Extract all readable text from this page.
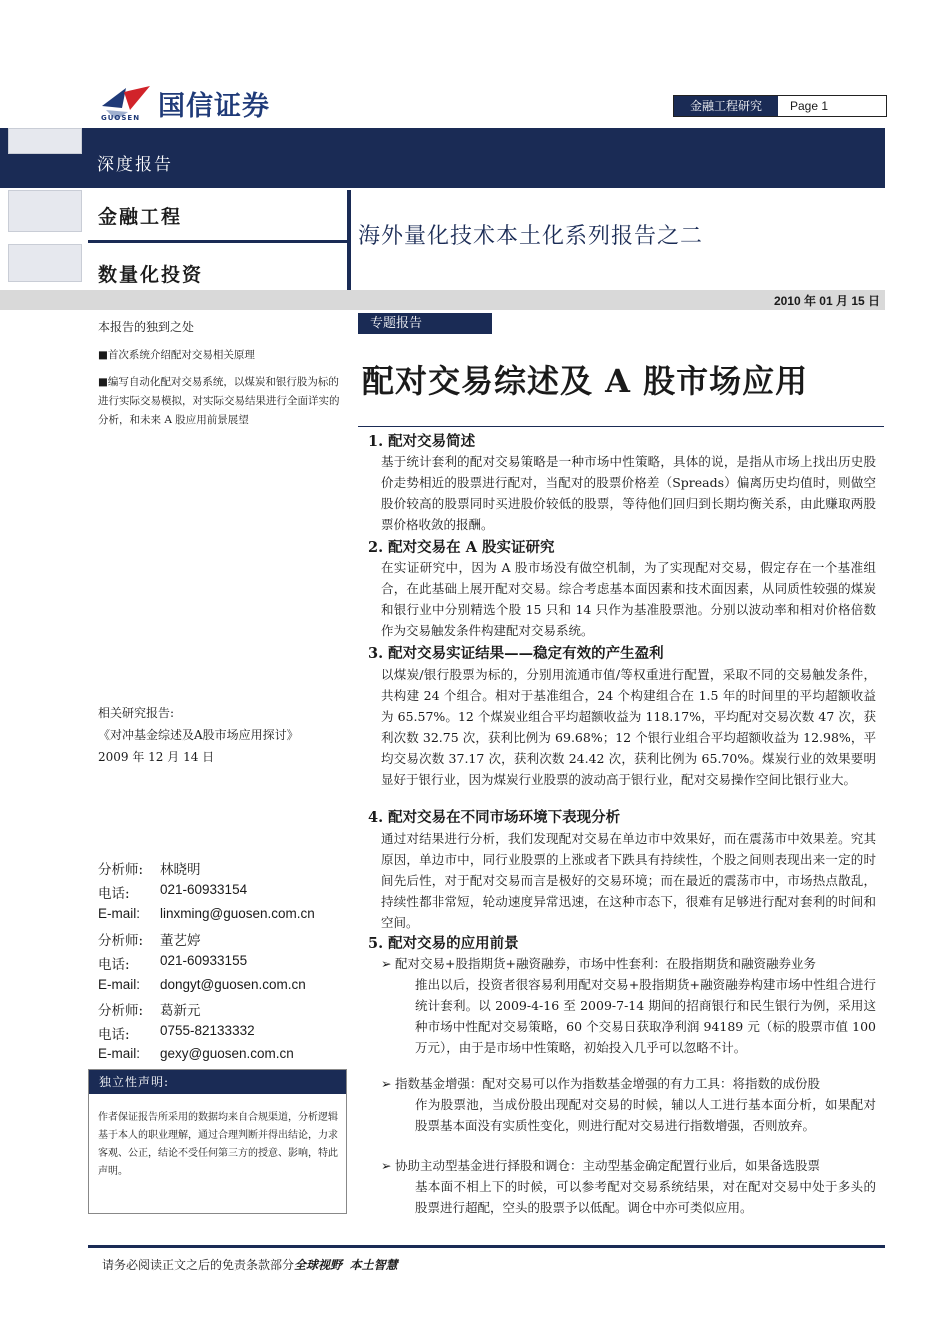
国信证券
GUOSEN
金融工程研究	Page 1
深度报告
金融工程
数量化投资
海外量化技术本土化系列报告之二
2010 年 01 月 15 日
本报告的独到之处
■首次系统介绍配对交易相关原理
■编写自动化配对交易系统，以煤炭和银行股为标的进行实际交易模拟，对实际交易结果进行全面详实的分析，和未来 A 股应用前景展望
相关研究报告:
《对冲基金综述及A股市场应用探讨》
2009 年 12 月 14 日
分析师: 林晓明
电话: 021-60933154
E-mail: linxming@guosen.com.cn
分析师: 董艺婷
电话: 021-60933155
E-mail: dongyt@guosen.com.cn
分析师: 葛新元
电话: 0755-82133332
E-mail: gexy@guosen.com.cn
独立性声明:
作者保证报告所采用的数据均来自合规渠道，分析逻辑基于本人的职业理解，通过合理判断并得出结论，力求客观、公正，结论不受任何第三方的授意、影响，特此声明。
专题报告
配对交易综述及 A 股市场应用
1. 配对交易简述
基于统计套利的配对交易策略是一种市场中性策略，具体的说，是指从市场上找出历史股价走势相近的股票进行配对，当配对的股票价格差（Spreads）偏离历史均值时，则做空股价较高的股票同时买进股价较低的股票，等待他们回归到长期均衡关系，由此赚取两股票价格收敛的报酬。
2. 配对交易在 A 股实证研究
在实证研究中，因为 A 股市场没有做空机制，为了实现配对交易，假定存在一个基准组合，在此基础上展开配对交易。综合考虑基本面因素和技术面因素，从同质性较强的煤炭和银行业中分别精选个股 15 只和 14 只作为基准股票池。分别以波动率和相对价格倍数作为交易触发条件构建配对交易系统。
3. 配对交易实证结果——稳定有效的产生盈利
以煤炭/银行股票为标的，分别用流通市值/等权重进行配置，采取不同的交易触发条件，共构建 24 个组合。相对于基准组合，24 个构建组合在 1.5 年的时间里的平均超额收益为 65.57%。12 个煤炭业组合平均超额收益为 118.17%，平均配对交易次数 47 次，获利次数 32.75 次，获利比例为 69.68%；12 个银行业组合平均超额收益为 12.98%，平均交易次数 37.17 次，获利次数 24.42 次，获利比例为 65.70%。煤炭行业的效果要明显好于银行业，因为煤炭行业股票的波动高于银行业，配对交易操作空间比银行业大。
4. 配对交易在不同市场环境下表现分析
通过对结果进行分析，我们发现配对交易在单边市中效果好，而在震荡市中效果差。究其原因，单边市中，同行业股票的上涨或者下跌具有持续性，个股之间则表现出来一定的时间先后性，对于配对交易而言是极好的交易环境；而在最近的震荡市中，市场热点散乱，持续性都非常短，轮动速度异常迅速，在这种市态下，很难有足够进行配对套利的时间和空间。
5. 配对交易的应用前景
➢ 配对交易+股指期货+融资融券，市场中性套利：在股指期货和融资融券业务
推出以后，投资者很容易利用配对交易+股指期货+融资融券构建市场中性组合进行统计套利。以 2009-4-16 至 2009-7-14 期间的招商银行和民生银行为例，采用这种市场中性配对交易策略，60 个交易日获取净利润 94189 元（标的股票市值 100 万元），由于是市场中性策略，初始投入几乎可以忽略不计。
➢ 指数基金增强：配对交易可以作为指数基金增强的有力工具：将指数的成份股
作为股票池，当成份股出现配对交易的时候，辅以人工进行基本面分析，如果配对股票基本面没有实质性变化，则进行配对交易进行指数增强，否则放弃。
➢ 协助主动型基金进行择股和调仓：主动型基金确定配置行业后，如果备选股票
基本面不相上下的时候，可以参考配对交易系统结果，对在配对交易中处于多头的股票进行超配，空头的股票予以低配。调仓中亦可类似应用。
请务必阅读正文之后的免责条款部分全球视野 本土智慧
